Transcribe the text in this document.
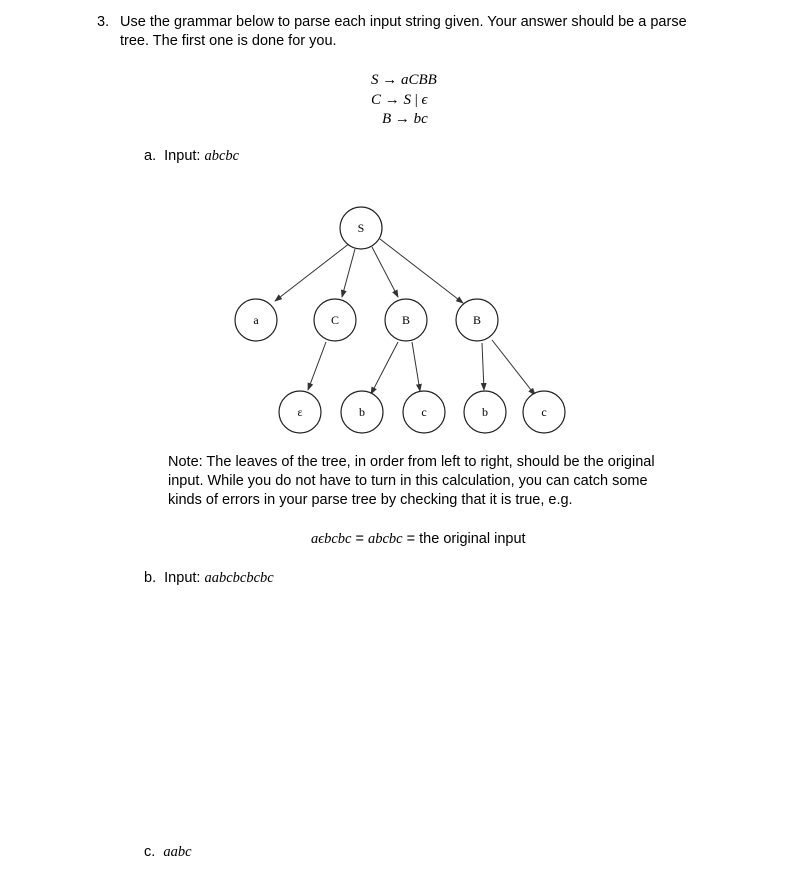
3. Use the grammar below to parse each input string given. Your answer should be a parse
tree. The first one is done for you.
S → aCBB
C → S | ϵ
B → bc
a. Input: abcbc
S
a	C	B	B
ε	b	c	b	c
Note: The leaves of the tree, in order from left to right, should be the original
input. While you do not have to turn in this calculation, you can catch some
kinds of errors in your parse tree by checking that it is true, e.g.
aϵbcbc = abcbc = the original input
b. Input: aabcbcbcbc
c. aabc
